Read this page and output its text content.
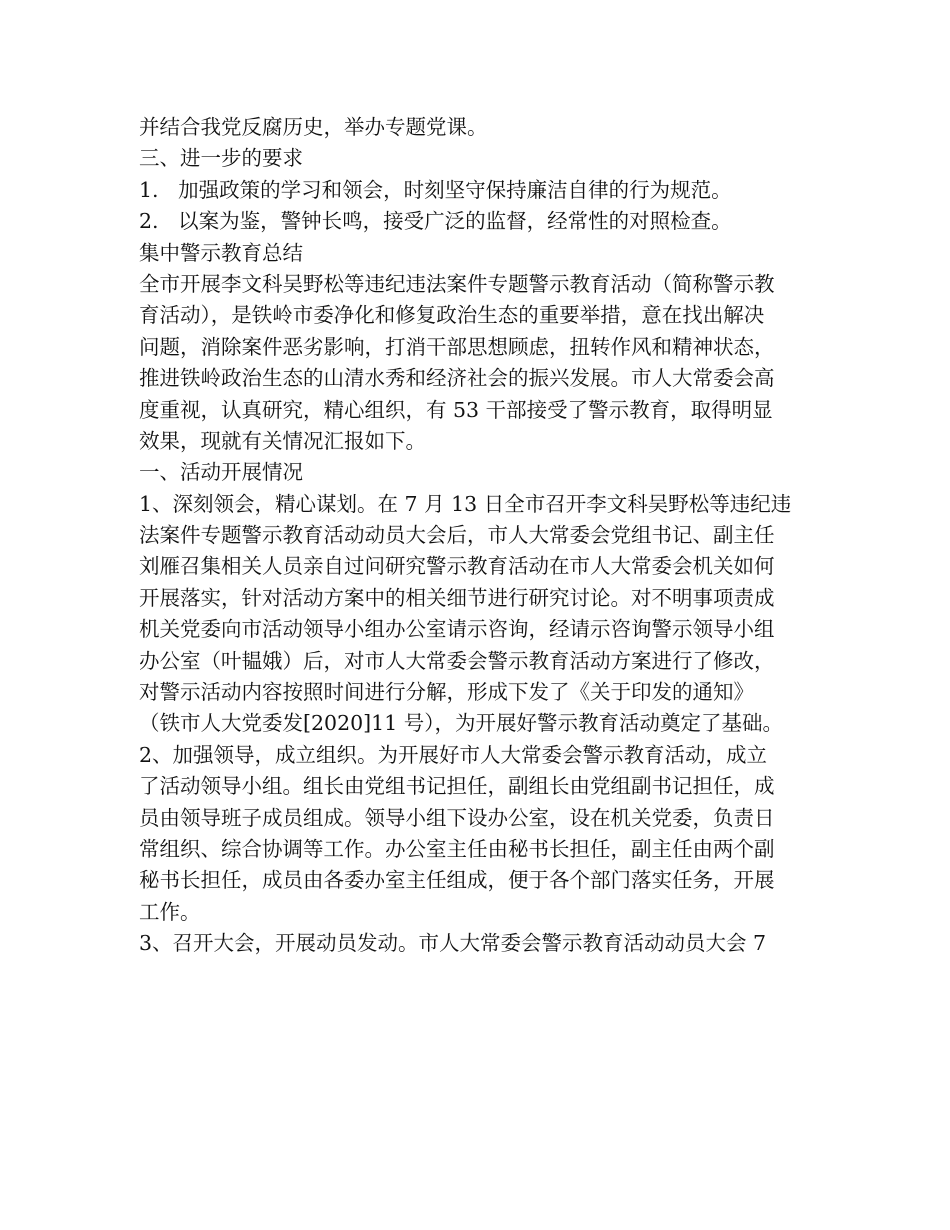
并结合我党反腐历史，举办专题党课。
三、进一步的要求
1.   加强政策的学习和领会，时刻坚守保持廉洁自律的行为规范。
2.   以案为鉴，警钟长鸣，接受广泛的监督，经常性的对照检查。
集中警示教育总结
全市开展李文科吴野松等违纪违法案件专题警示教育活动（简称警示教
育活动），是铁岭市委净化和修复政治生态的重要举措，意在找出解决
问题，消除案件恶劣影响，打消干部思想顾虑，扭转作风和精神状态，
推进铁岭政治生态的山清水秀和经济社会的振兴发展。市人大常委会高
度重视，认真研究，精心组织，有 53 干部接受了警示教育，取得明显
效果，现就有关情况汇报如下。
一、活动开展情况
1、深刻领会，精心谋划。在 7 月 13 日全市召开李文科吴野松等违纪违
法案件专题警示教育活动动员大会后，市人大常委会党组书记、副主任
刘雁召集相关人员亲自过问研究警示教育活动在市人大常委会机关如何
开展落实，针对活动方案中的相关细节进行研究讨论。对不明事项责成
机关党委向市活动领导小组办公室请示咨询，经请示咨询警示领导小组
办公室（叶韫娥）后，对市人大常委会警示教育活动方案进行了修改，
对警示活动内容按照时间进行分解，形成下发了《关于印发的通知》
（铁市人大党委发[2020]11 号），为开展好警示教育活动奠定了基础。
2、加强领导，成立组织。为开展好市人大常委会警示教育活动，成立
了活动领导小组。组长由党组书记担任，副组长由党组副书记担任，成
员由领导班子成员组成。领导小组下设办公室，设在机关党委，负责日
常组织、综合协调等工作。办公室主任由秘书长担任，副主任由两个副
秘书长担任，成员由各委办室主任组成，便于各个部门落实任务，开展
工作。
3、召开大会，开展动员发动。市人大常委会警示教育活动动员大会 7
